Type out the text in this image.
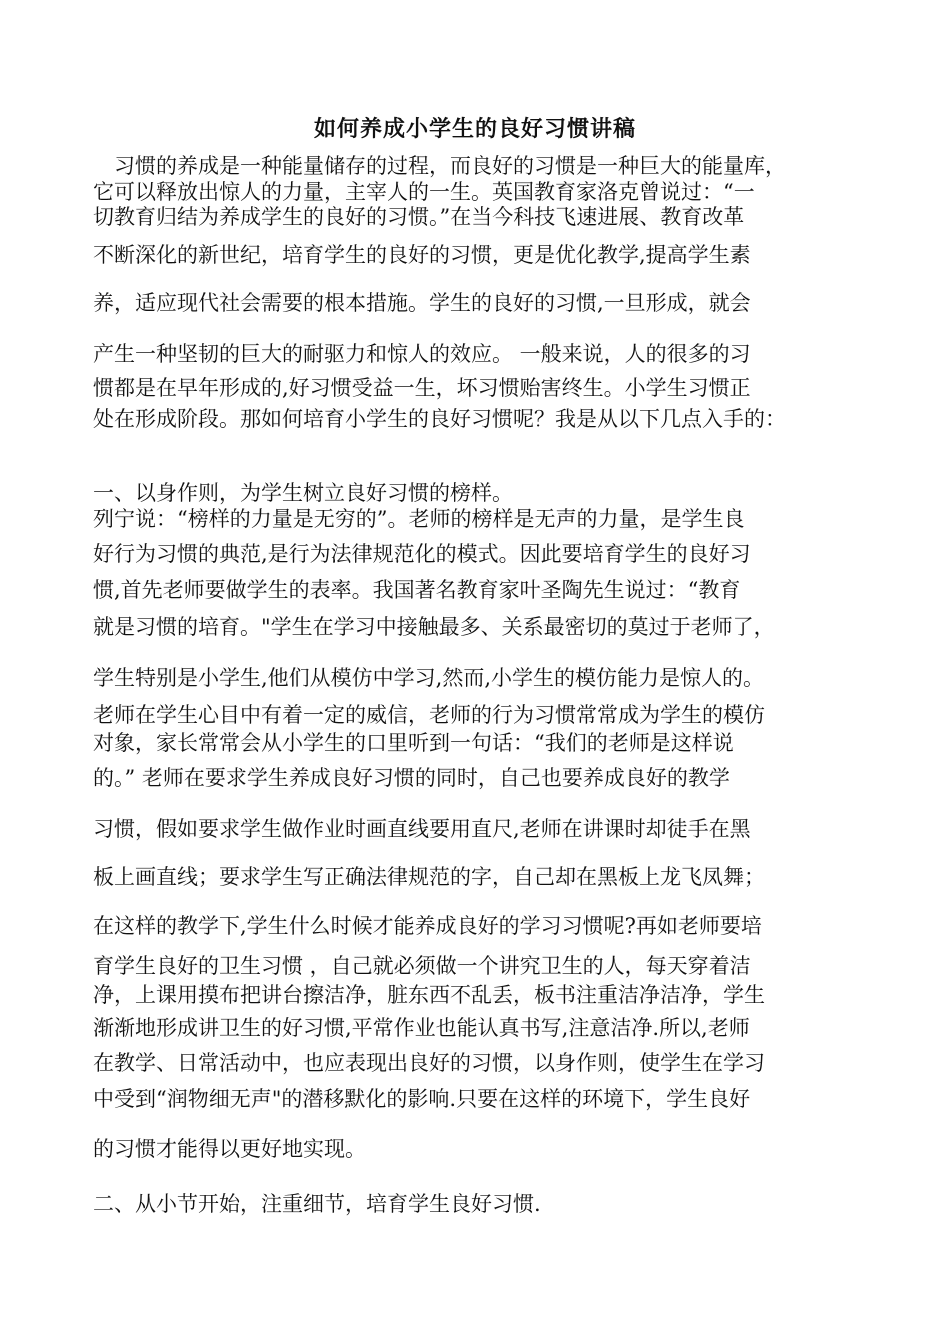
如何养成小学生的良好习惯讲稿
　习惯的养成是一种能量储存的过程，而良好的习惯是一种巨大的能量库，
它可以释放出惊人的力量，主宰人的一生。英国教育家洛克曾说过：“一
切教育归结为养成学生的良好的习惯。”在当今科技飞速进展、教育改革
不断深化的新世纪，培育学生的良好的习惯，更是优化教学,提高学生素
养，适应现代社会需要的根本措施。学生的良好的习惯,一旦形成，就会
产生一种坚韧的巨大的耐驱力和惊人的效应。 一般来说，人的很多的习
惯都是在早年形成的,好习惯受益一生，坏习惯贻害终生。小学生习惯正
处在形成阶段。那如何培育小学生的良好习惯呢？我是从以下几点入手的：
一、以身作则，为学生树立良好习惯的榜样。
列宁说：“榜样的力量是无穷的”。老师的榜样是无声的力量，是学生良
好行为习惯的典范,是行为法律规范化的模式。因此要培育学生的良好习
惯,首先老师要做学生的表率。我国著名教育家叶圣陶先生说过：“教育
就是习惯的培育。"学生在学习中接触最多、关系最密切的莫过于老师了，
学生特别是小学生,他们从模仿中学习,然而,小学生的模仿能力是惊人的。
老师在学生心目中有着一定的威信，老师的行为习惯常常成为学生的模仿
对象，家长常常会从小学生的口里听到一句话：“我们的老师是这样说
的。” 老师在要求学生养成良好习惯的同时，自己也要养成良好的教学
习惯，假如要求学生做作业时画直线要用直尺,老师在讲课时却徒手在黑
板上画直线；要求学生写正确法律规范的字，自己却在黑板上龙飞凤舞；
在这样的教学下,学生什么时候才能养成良好的学习习惯呢?再如老师要培
育学生良好的卫生习惯 ，自己就必须做一个讲究卫生的人，每天穿着洁
净，上课用摸布把讲台擦洁净，脏东西不乱丢，板书注重洁净洁净，学生
渐渐地形成讲卫生的好习惯,平常作业也能认真书写,注意洁净.所以,老师
在教学、日常活动中，也应表现出良好的习惯，以身作则，使学生在学习
中受到“润物细无声"的潜移默化的影响.只要在这样的环境下，学生良好
的习惯才能得以更好地实现。
二、从小节开始，注重细节，培育学生良好习惯.
